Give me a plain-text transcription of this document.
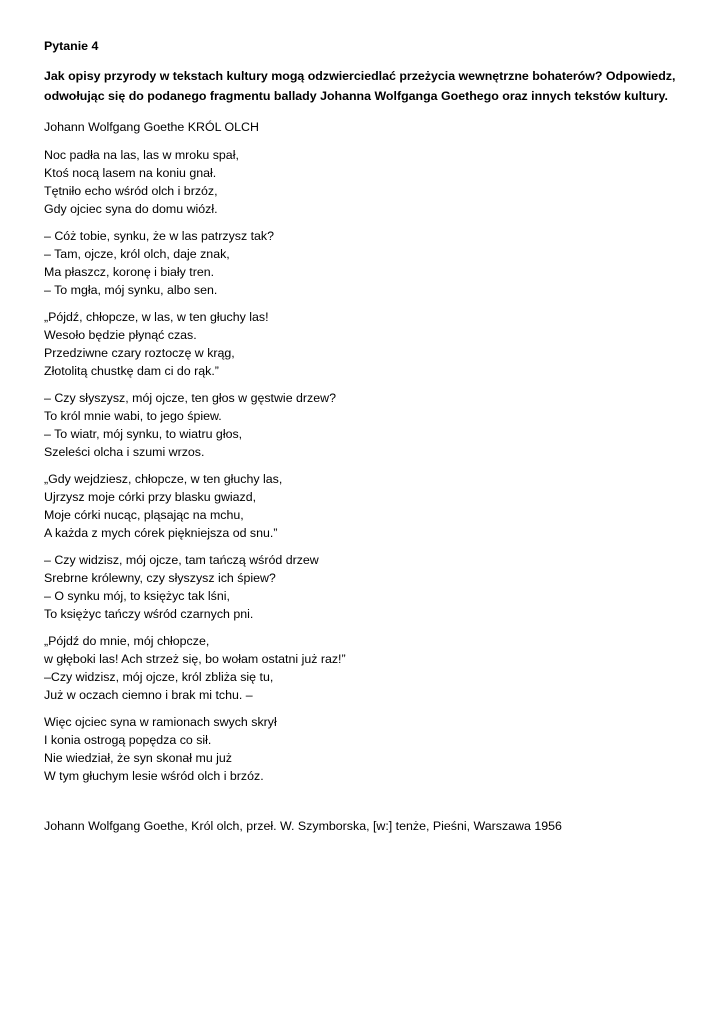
Pytanie 4
Jak opisy przyrody w tekstach kultury mogą odzwierciedlać przeżycia wewnętrzne bohaterów? Odpowiedz, odwołując się do podanego fragmentu ballady Johanna Wolfganga Goethego oraz innych tekstów kultury.
Johann Wolfgang Goethe KRÓL OLCH
Noc padła na las, las w mroku spał,
Ktoś nocą lasem na koniu gnał.
Tętniło echo wśród olch i brzóz,
Gdy ojciec syna do domu wiózł.
– Cóż tobie, synku, że w las patrzysz tak?
– Tam, ojcze, król olch, daje znak,
Ma płaszcz, koronę i biały tren.
– To mgła, mój synku, albo sen.
„Pójdź, chłopcze, w las, w ten głuchy las!
Wesoło będzie płynąć czas.
Przedziwne czary roztoczę w krąg,
Złotolitą chustkę dam ci do rąk.”
– Czy słyszysz, mój ojcze, ten głos w gęstwie drzew?
To król mnie wabi, to jego śpiew.
– To wiatr, mój synku, to wiatru głos,
Szeleści olcha i szumi wrzos.
„Gdy wejdziesz, chłopcze, w ten głuchy las,
Ujrzysz moje córki przy blasku gwiazd,
Moje córki nucąc, pląsając na mchu,
A każda z mych córek piękniejsza od snu.”
– Czy widzisz, mój ojcze, tam tańczą wśród drzew
Srebrne królewny, czy słyszysz ich śpiew?
– O synku mój, to księżyc tak lśni,
To księżyc tańczy wśród czarnych pni.
„Pójdź do mnie, mój chłopcze,
w głęboki las! Ach strzeż się, bo wołam ostatni już raz!”
–Czy widzisz, mój ojcze, król zbliża się tu,
Już w oczach ciemno i brak mi tchu. –
Więc ojciec syna w ramionach swych skrył
I konia ostrogą popędza co sił.
Nie wiedział, że syn skonał mu już
W tym głuchym lesie wśród olch i brzóz.
Johann Wolfgang Goethe, Król olch, przeł. W. Szymborska, [w:] tenże, Pieśni, Warszawa 1956
